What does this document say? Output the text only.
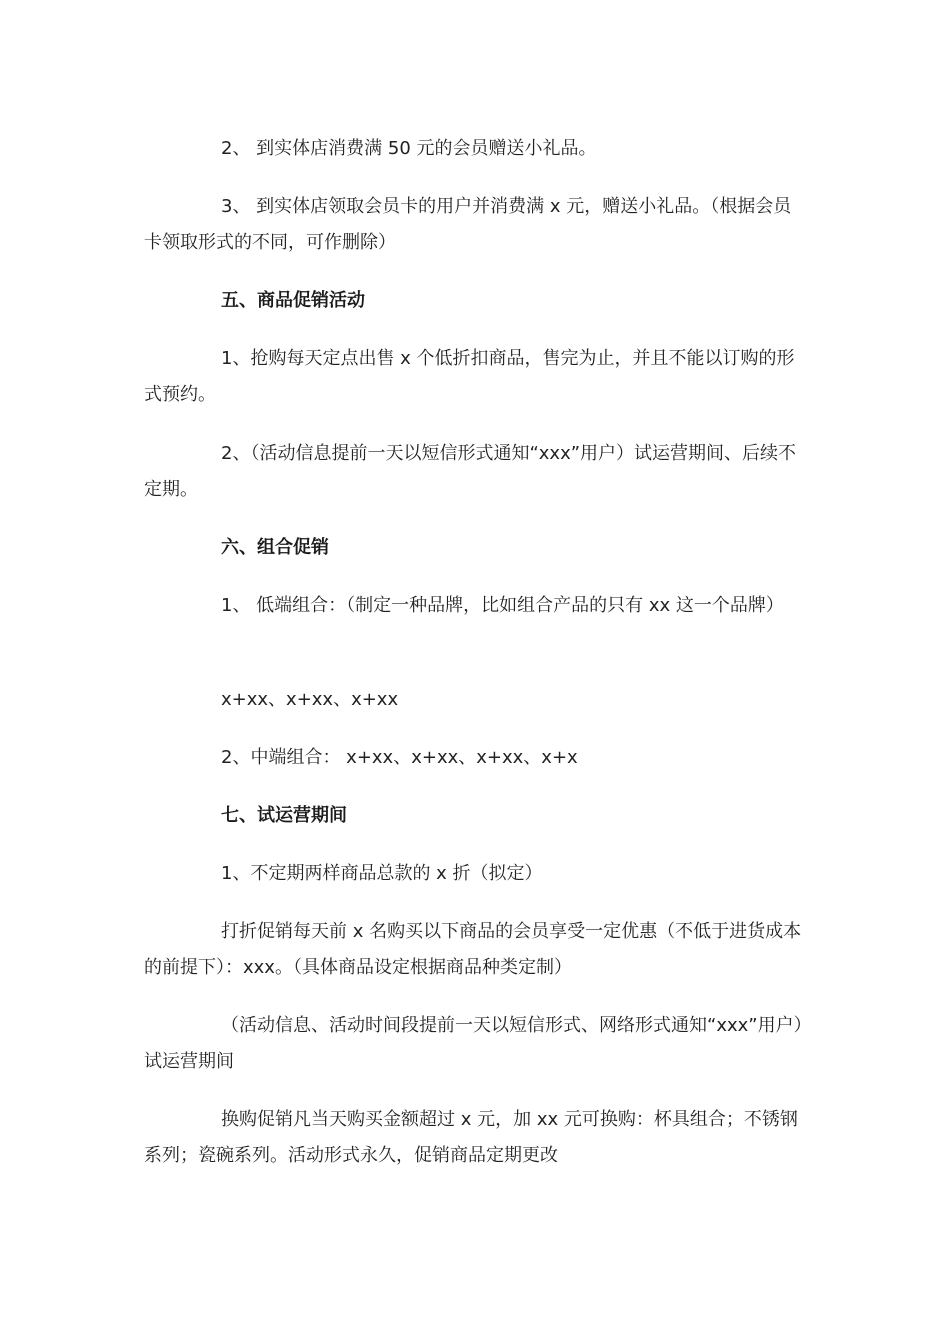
2、 到实体店消费满 50 元的会员赠送小礼品。

3、 到实体店领取会员卡的用户并消费满 x 元，赠送小礼品。（根据会员卡领取形式的不同，可作删除）

五、商品促销活动

1、抢购每天定点出售 x 个低折扣商品，售完为止，并且不能以订购的形式预约。

2、（活动信息提前一天以短信形式通知“xxx”用户）试运营期间、后续不定期。

六、组合促销

1、 低端组合：（制定一种品牌，比如组合产品的只有 xx 这一个品牌）

x+xx、x+xx、x+xx

2、中端组合： x+xx、x+xx、x+xx、x+x

七、试运营期间

1、不定期两样商品总款的 x 折（拟定）

打折促销每天前 x 名购买以下商品的会员享受一定优惠（不低于进货成本的前提下）：xxx。（具体商品设定根据商品种类定制）

（活动信息、活动时间段提前一天以短信形式、网络形式通知“xxx”用户）试运营期间

换购促销凡当天购买金额超过 x 元，加 xx 元可换购：杯具组合；不锈钢系列；瓷碗系列。活动形式永久，促销商品定期更改
